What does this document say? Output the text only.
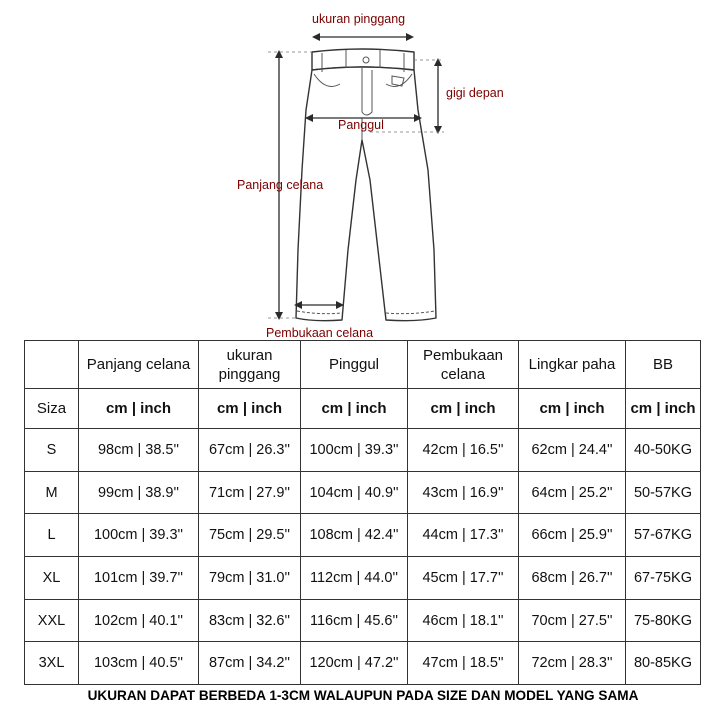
ukuran pinggang
gigi depan
Panggul
Panjang celana
Pembukaan celana
	Panjang celana	ukuran pinggang	Pinggul	Pembukaan celana	Lingkar paha	BB
Siza	cm | inch	cm | inch	cm | inch	cm | inch	cm | inch	cm | inch
S	98cm | 38.5''	67cm | 26.3''	100cm | 39.3''	42cm | 16.5''	62cm | 24.4''	40-50KG
M	99cm | 38.9''	71cm | 27.9''	104cm | 40.9''	43cm | 16.9''	64cm | 25.2''	50-57KG
L	100cm | 39.3''	75cm | 29.5''	108cm | 42.4''	44cm | 17.3''	66cm | 25.9''	57-67KG
XL	101cm | 39.7''	79cm | 31.0''	112cm | 44.0''	45cm | 17.7''	68cm | 26.7''	67-75KG
XXL	102cm | 40.1''	83cm | 32.6''	116cm | 45.6''	46cm | 18.1''	70cm | 27.5''	75-80KG
3XL	103cm | 40.5''	87cm | 34.2''	120cm | 47.2''	47cm | 18.5''	72cm | 28.3''	80-85KG
UKURAN DAPAT BERBEDA 1-3CM WALAUPUN PADA SIZE DAN MODEL YANG SAMA
